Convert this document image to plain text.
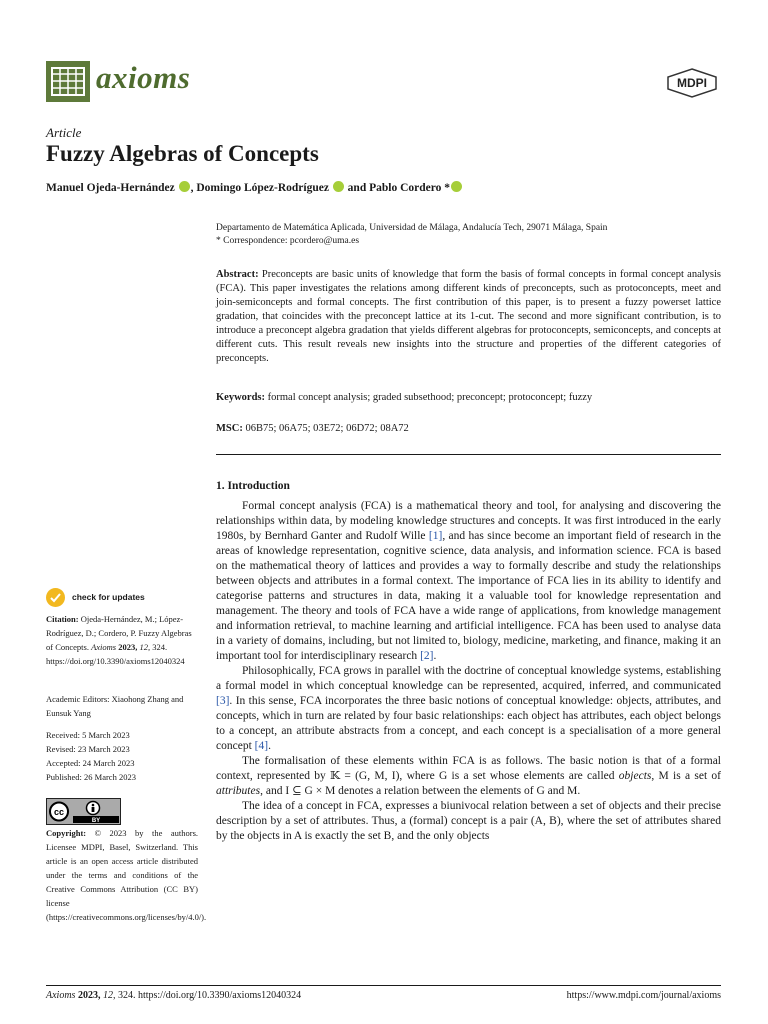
axioms	MDPI
Article
Fuzzy Algebras of Concepts
Manuel Ojeda-Hernández , Domingo López-Rodríguez and Pablo Cordero *
Departamento de Matemática Aplicada, Universidad de Málaga, Andalucía Tech, 29071 Málaga, Spain
* Correspondence: pcordero@uma.es
Abstract: Preconcepts are basic units of knowledge that form the basis of formal concepts in formal concept analysis (FCA). This paper investigates the relations among different kinds of preconcepts, such as protoconcepts, meet and join-semiconcepts and formal concepts. The first contribution of this paper, is to present a fuzzy powerset lattice gradation, that coincides with the preconcept lattice at its 1-cut. The second and more significant contribution, is to introduce a preconcept algebra gradation that yields different algebras for protoconcepts, semiconcepts, and concepts at different cuts. This result reveals new insights into the structure and properties of the different categories of preconcepts.
Keywords: formal concept analysis; graded subsethood; preconcept; protoconcept; fuzzy
MSC: 06B75; 06A75; 03E72; 06D72; 08A72
1. Introduction

Formal concept analysis (FCA) is a mathematical theory and tool, for analysing and discovering the relationships within data, by modeling knowledge structures and concepts. It was first introduced in the early 1980s, by Bernhard Ganter and Rudolf Wille [1], and has since become an important field of research in the areas of knowledge representation, cognitive science, data analysis, and information science. FCA is based on the mathematical theory of lattices and provides a way to formally describe and study the relationships between objects and attributes in a formal context. The importance of FCA lies in its ability to identify and categorise patterns and structures in data, making it a valuable tool for knowledge representation and management. The theory and tools of FCA have a wide range of applications, from knowledge management and information retrieval, to machine learning and artificial intelligence. FCA has been used to analyse data in a variety of domains, including, but not limited to, biology, medicine, marketing, and finance, making it an important tool for interdisciplinary research [2].

Philosophically, FCA grows in parallel with the doctrine of conceptual knowledge systems, establishing a formal model in which conceptual knowledge can be represented, acquired, inferred, and communicated [3]. In this sense, FCA incorporates the three basic notions of conceptual knowledge: objects, attributes, and concepts, which in turn are related by four basic relationships: each object has attributes, each object belongs to a concept, an attribute abstracts from a concept, and each concept is a specialisation of a more general concept [4].

The formalisation of these elements within FCA is as follows. The basic notion is that of a formal context, represented by 𝕂 = (G, M, I), where G is a set whose elements are called objects, M is a set of attributes, and I ⊆ G × M denotes a relation between the elements of G and M.

The idea of a concept in FCA, expresses a biunivocal relation between a set of objects and their precise description by a set of attributes. Thus, a (formal) concept is a pair (A, B), where the set of attributes shared by the objects in A is exactly the set B, and the only objects

check for updates
Citation: Ojeda-Hernández, M.; López-Rodríguez, D.; Cordero, P. Fuzzy Algebras of Concepts. Axioms 2023, 12, 324. https://doi.org/10.3390/axioms12040324
Academic Editors: Xiaohong Zhang and Eunsuk Yang
Received: 5 March 2023
Revised: 23 March 2023
Accepted: 24 March 2023
Published: 26 March 2023
cc
BY
Copyright: © 2023 by the authors. Licensee MDPI, Basel, Switzerland. This article is an open access article distributed under the terms and conditions of the Creative Commons Attribution (CC BY) license (https://creativecommons.org/licenses/by/4.0/).
Axioms 2023, 12, 324. https://doi.org/10.3390/axioms12040324	https://www.mdpi.com/journal/axioms
